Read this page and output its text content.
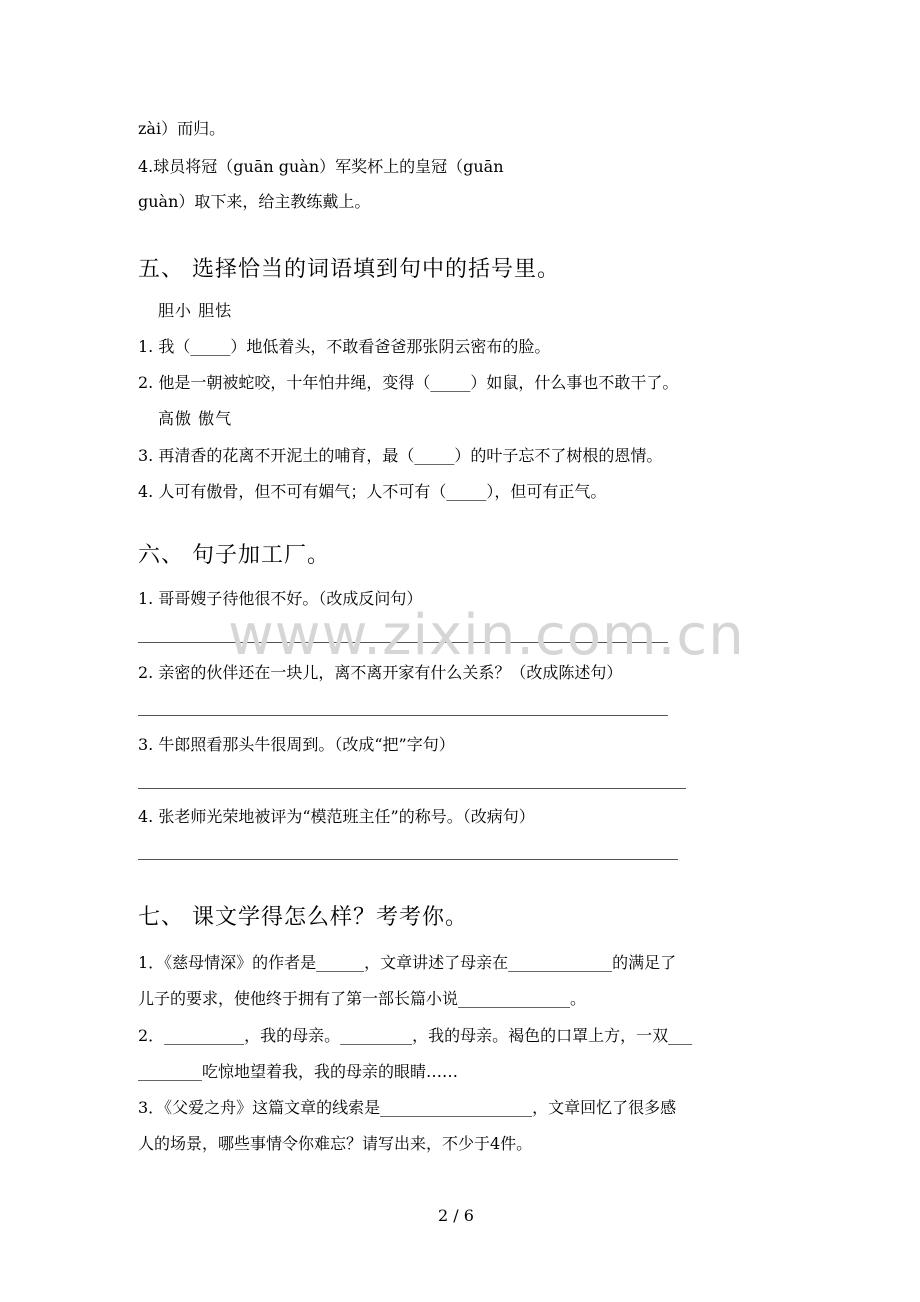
zài）而归。
4.球员将冠（guān guàn）军奖杯上的皇冠（guān
guàn）取下来，给主教练戴上。
五、 选择恰当的词语填到句中的括号里。
胆小 胆怯
1. 我（_____）地低着头，不敢看爸爸那张阴云密布的脸。
2. 他是一朝被蛇咬，十年怕井绳，变得（_____）如鼠，什么事也不敢干了。
高傲 傲气
3. 再清香的花离不开泥土的哺育，最（_____）的叶子忘不了树根的恩情。
4. 人可有傲骨，但不可有媚气；人不可有（_____），但可有正气。
六、 句子加工厂。
1. 哥哥嫂子待他很不好。（改成反问句）
2. 亲密的伙伴还在一块儿，离不离开家有什么关系？（改成陈述句）
3. 牛郎照看那头牛很周到。（改成“把”字句）
4. 张老师光荣地被评为“模范班主任”的称号。（改病句）
七、 课文学得怎么样？考考你。
1．《慈母情深》的作者是______，文章讲述了母亲在_____________的满足了
儿子的要求，使他终于拥有了第一部长篇小说______________。
2．__________，我的母亲。_________，我的母亲。褐色的口罩上方，一双___
________吃惊地望着我，我的母亲的眼睛……
3．《父爱之舟》这篇文章的线索是___________________，文章回忆了很多感
人的场景，哪些事情令你难忘？请写出来，不少于4件。
www.zixin.com.cn
2 / 6
